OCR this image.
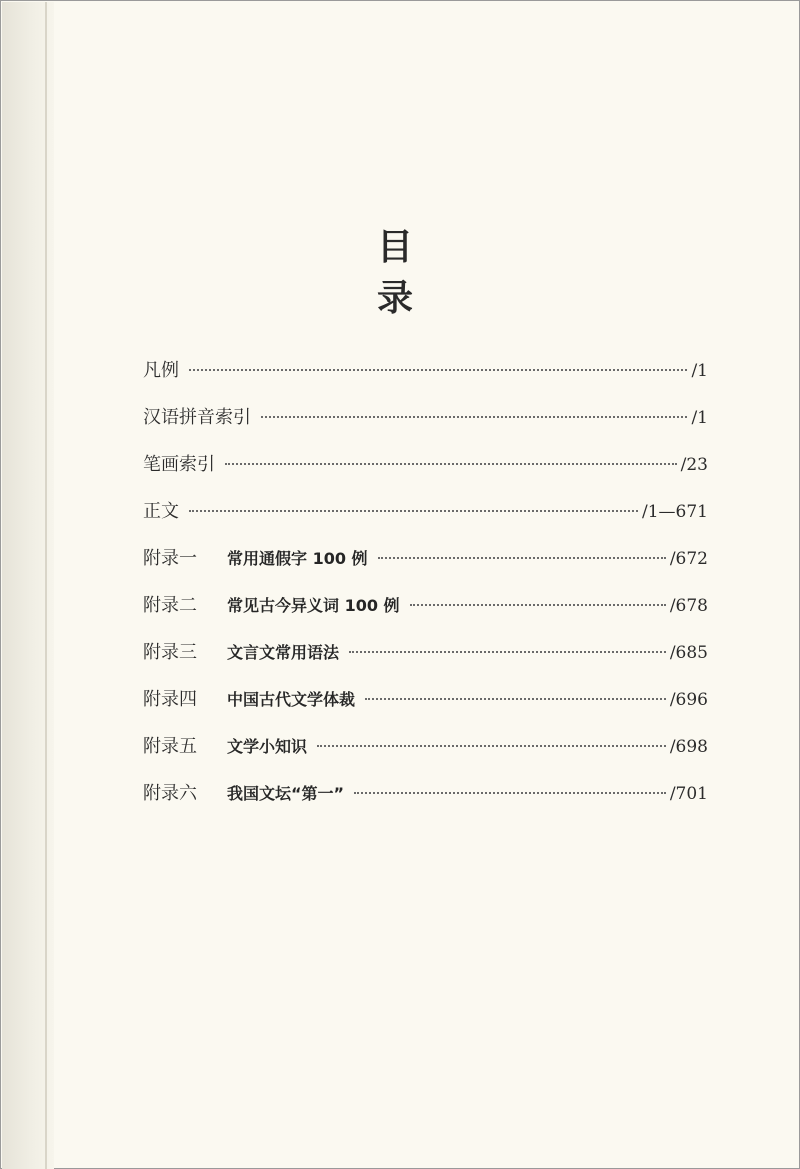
目 录
凡例	/1
汉语拼音索引	/1
笔画索引	/23
正文	/1—671
附录一 常用通假字 100 例	/672
附录二 常见古今异义词 100 例	/678
附录三 文言文常用语法	/685
附录四 中国古代文学体裁	/696
附录五 文学小知识	/698
附录六 我国文坛“第一”	/701
